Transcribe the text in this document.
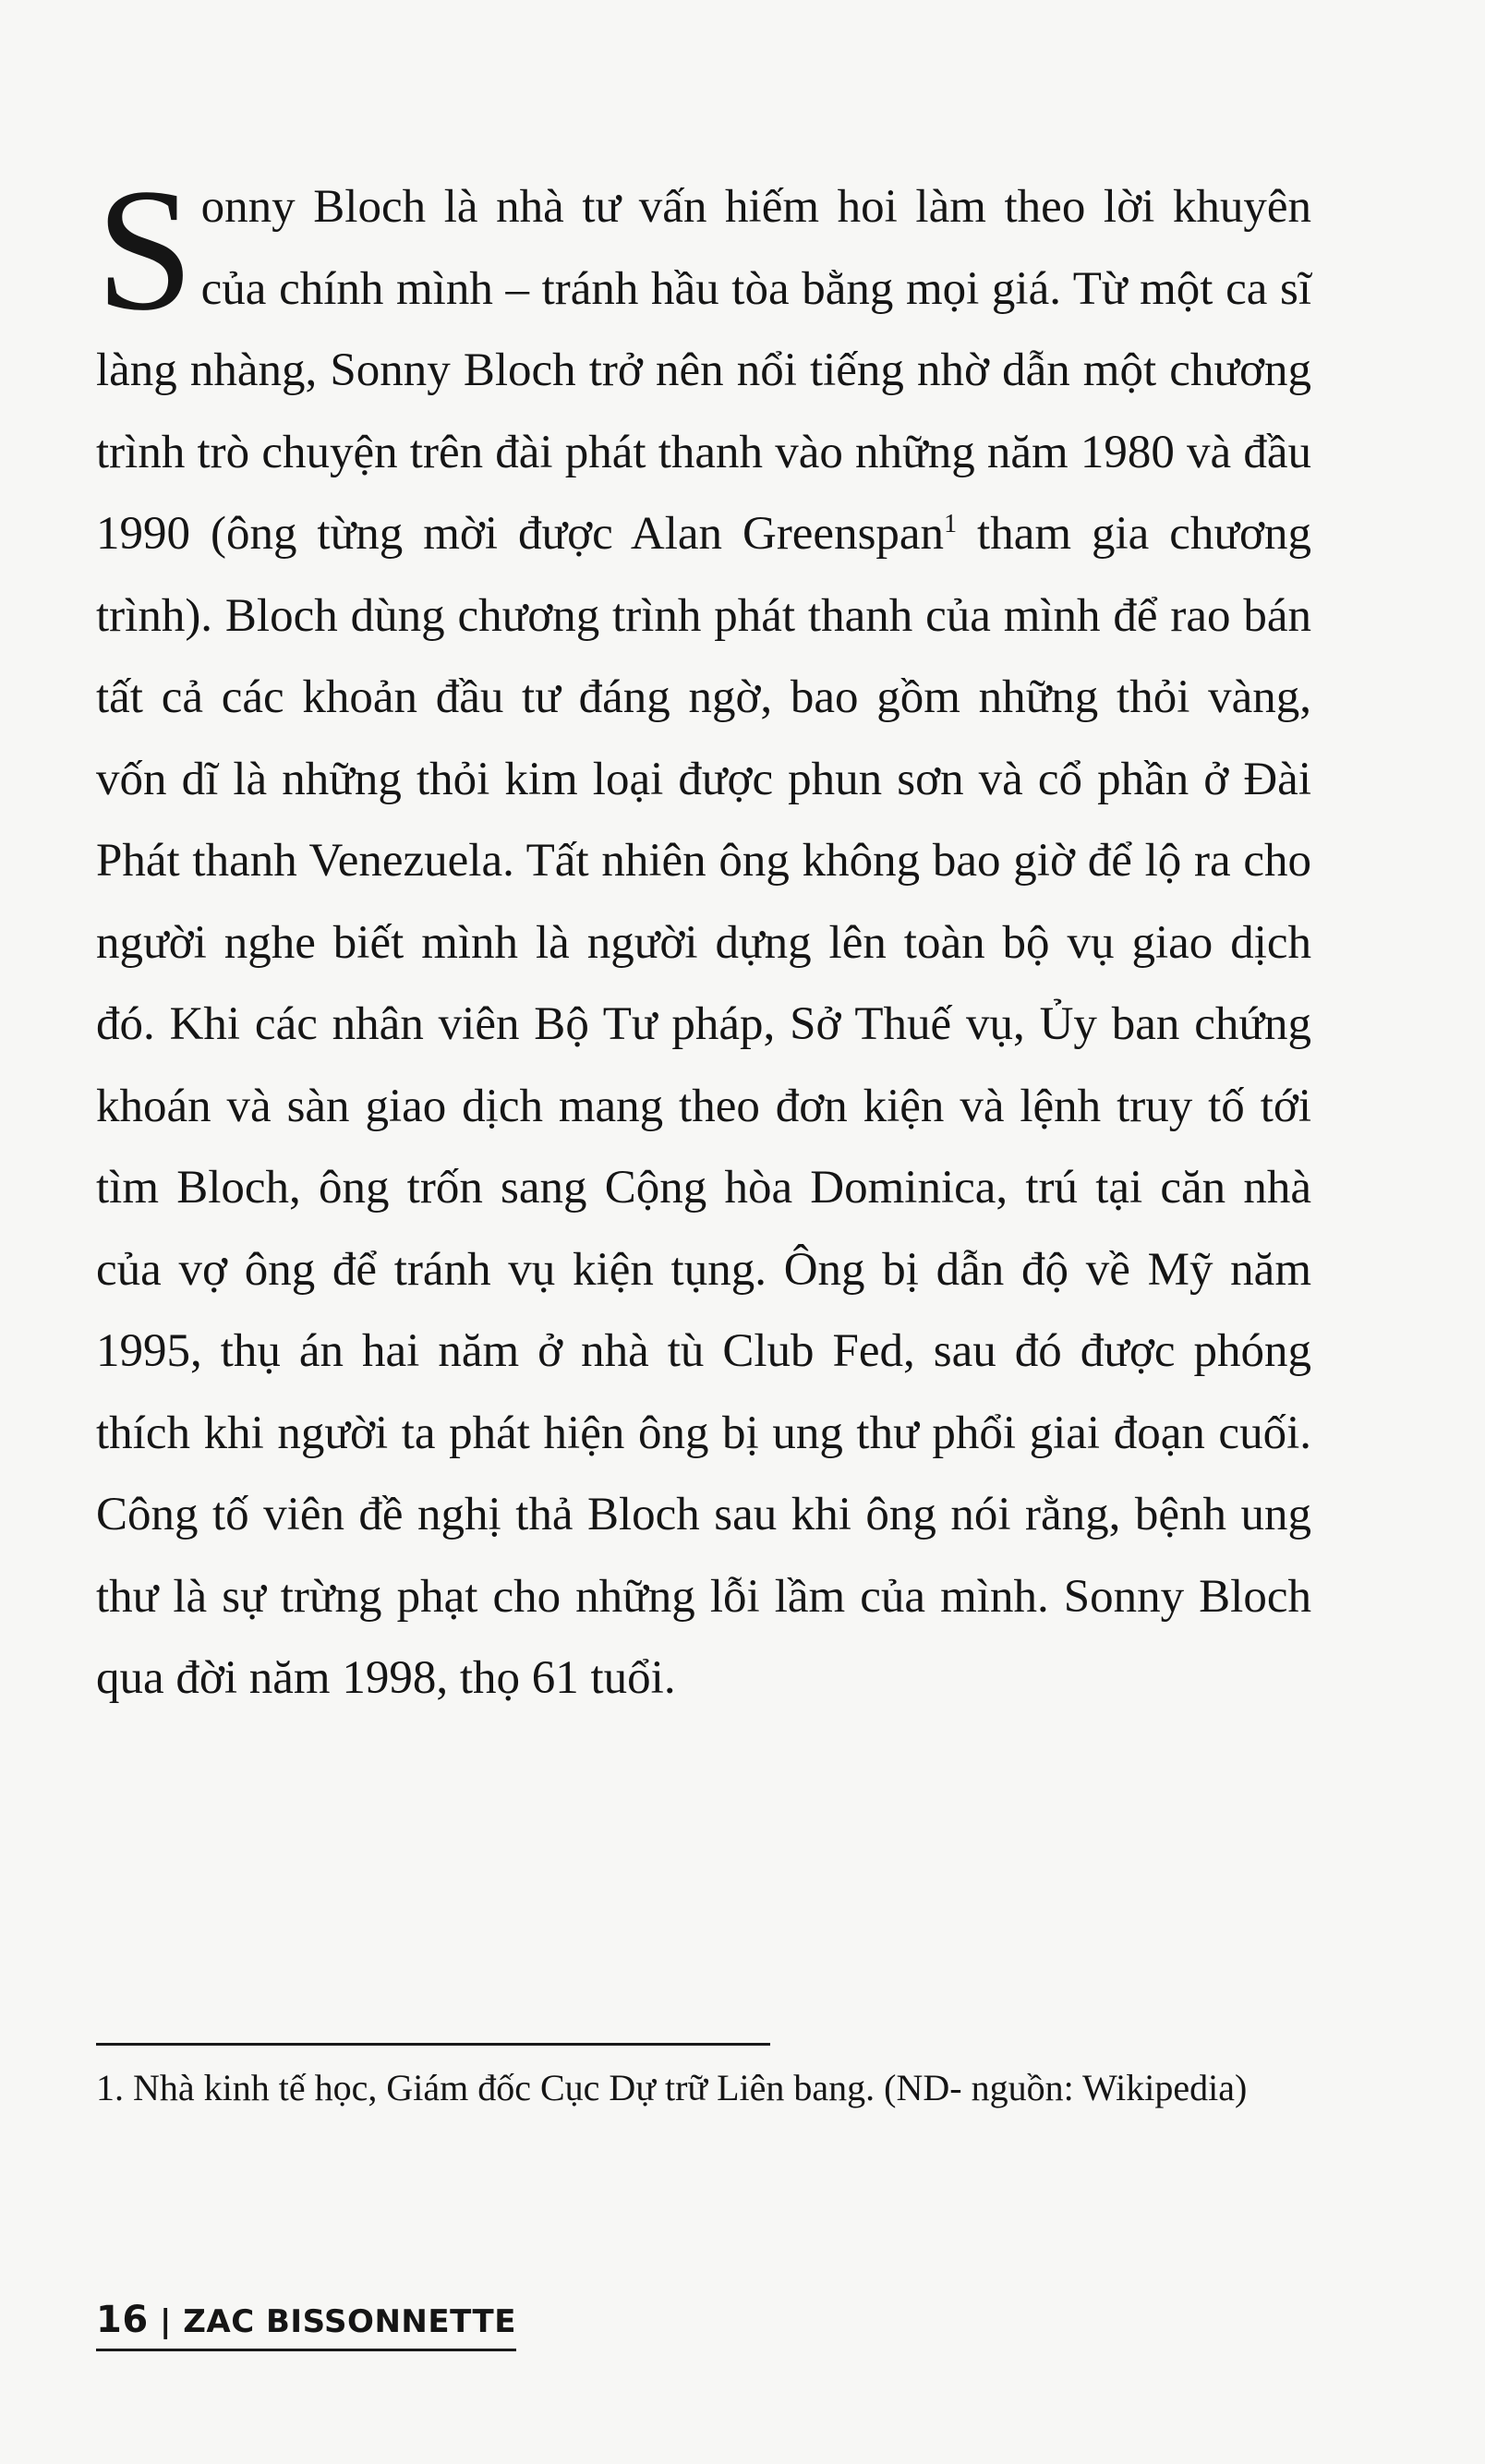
Sonny Bloch là nhà tư vấn hiếm hoi làm theo lời khuyên của chính mình – tránh hầu tòa bằng mọi giá. Từ một ca sĩ làng nhàng, Sonny Bloch trở nên nổi tiếng nhờ dẫn một chương trình trò chuyện trên đài phát thanh vào những năm 1980 và đầu 1990 (ông từng mời được Alan Greenspan$^1$ tham gia chương trình). Bloch dùng chương trình phát thanh của mình để rao bán tất cả các khoản đầu tư đáng ngờ, bao gồm những thỏi vàng, vốn dĩ là những thỏi kim loại được phun sơn và cổ phần ở Đài Phát thanh Venezuela. Tất nhiên ông không bao giờ để lộ ra cho người nghe biết mình là người dựng lên toàn bộ vụ giao dịch đó. Khi các nhân viên Bộ Tư pháp, Sở Thuế vụ, Ủy ban chứng khoán và sàn giao dịch mang theo đơn kiện và lệnh truy tố tới tìm Bloch, ông trốn sang Cộng hòa Dominica, trú tại căn nhà của vợ ông để tránh vụ kiện tụng. Ông bị dẫn độ về Mỹ năm 1995, thụ án hai năm ở nhà tù Club Fed, sau đó được phóng thích khi người ta phát hiện ông bị ung thư phổi giai đoạn cuối. Công tố viên đề nghị thả Bloch sau khi ông nói rằng, bệnh ung thư là sự trừng phạt cho những lỗi lầm của mình. Sonny Bloch qua đời năm 1998, thọ 61 tuổi.

1. Nhà kinh tế học, Giám đốc Cục Dự trữ Liên bang. (ND- nguồn: Wikipedia)

16 | ZAC BISSONNETTE
